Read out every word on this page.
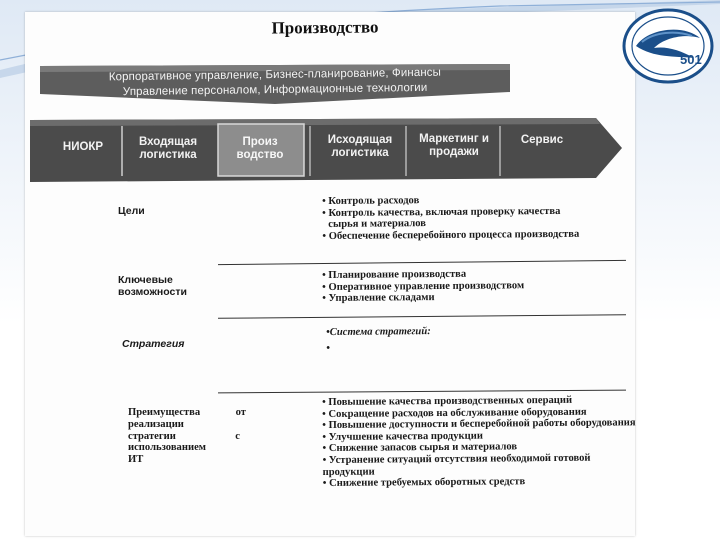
501
Производство
Корпоративное управление, Бизнес-планирование, Финансы
Управление персоналом, Информационные технологии
НИОКР	Входящая логистика
Произ водство
Исходящая логистика
Маркетинг и продажи
Сервис
Цели
• Контроль расходов
• Контроль качества, включая проверку качества
сырья и материалов
• Обеспечение бесперебойного процесса производства
Ключевые
возможности
• Планирование производства
• Оперативное управление производством
• Управление складами
Стратегия
•Система стратегий:
•
Преимущества	от
реализации
стратегии	с
использованием
ИТ
• Повышение качества производственных операций
• Сокращение расходов на обслуживание оборудования
• Повышение доступности и бесперебойной работы оборудования
• Улучшение качества продукции
• Снижение запасов сырья и материалов
• Устранение ситуаций отсутствия необходимой готовой
продукции
• Снижение требуемых оборотных средств
